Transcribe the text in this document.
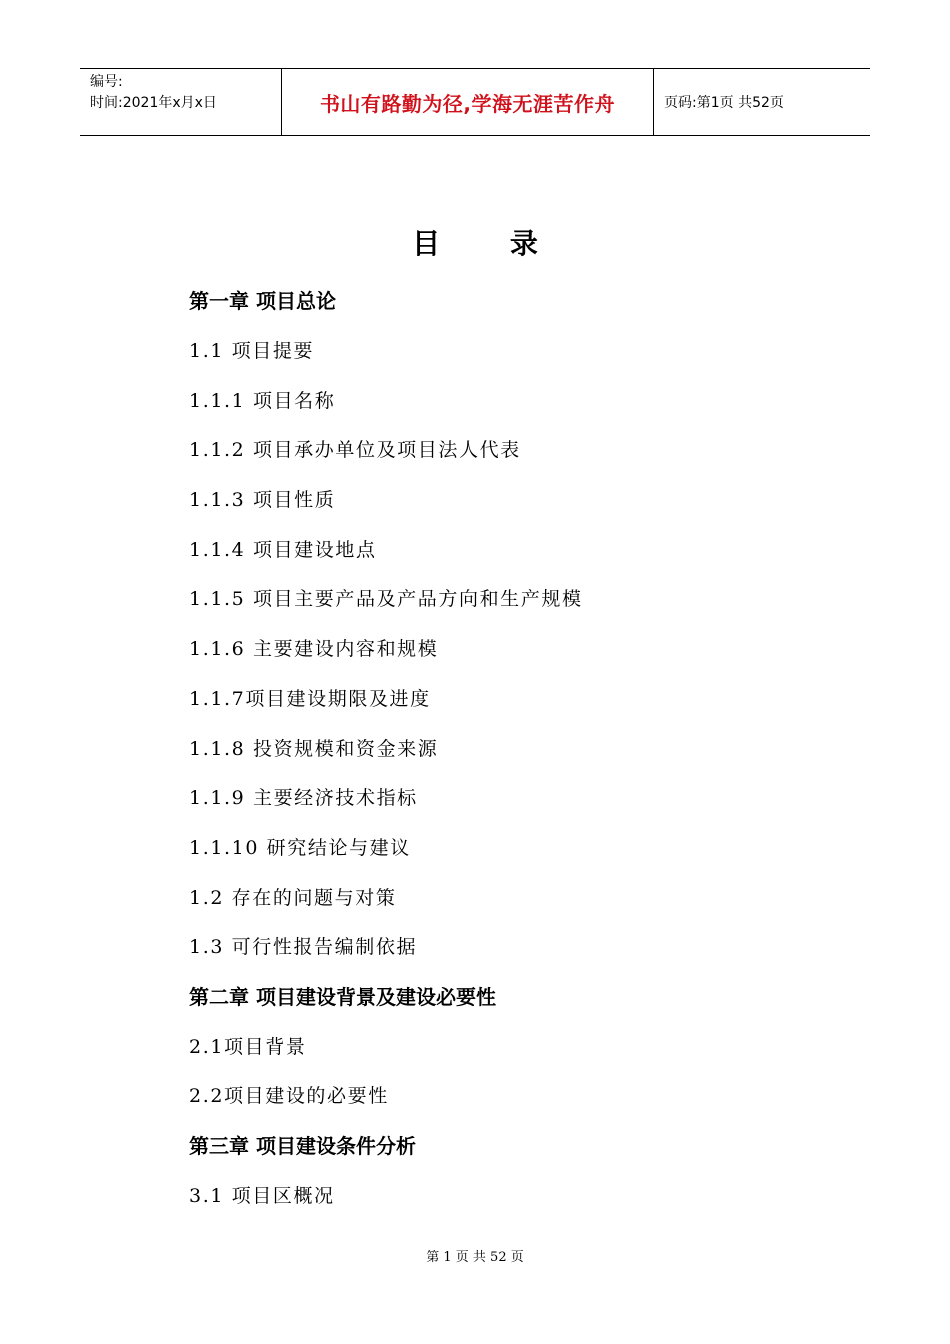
编号:
时间:2021年x月x日	书山有路勤为径,学海无涯苦作舟	页码:第1页 共52页
目 录
第一章 项目总论
1.1 项目提要
1.1.1 项目名称
1.1.2 项目承办单位及项目法人代表
1.1.3 项目性质
1.1.4 项目建设地点
1.1.5 项目主要产品及产品方向和生产规模
1.1.6 主要建设内容和规模
1.1.7项目建设期限及进度
1.1.8 投资规模和资金来源
1.1.9 主要经济技术指标
1.1.10 研究结论与建议
1.2 存在的问题与对策
1.3 可行性报告编制依据
第二章 项目建设背景及建设必要性
2.1项目背景
2.2项目建设的必要性
第三章 项目建设条件分析
3.1 项目区概况
第 1 页 共 52 页
